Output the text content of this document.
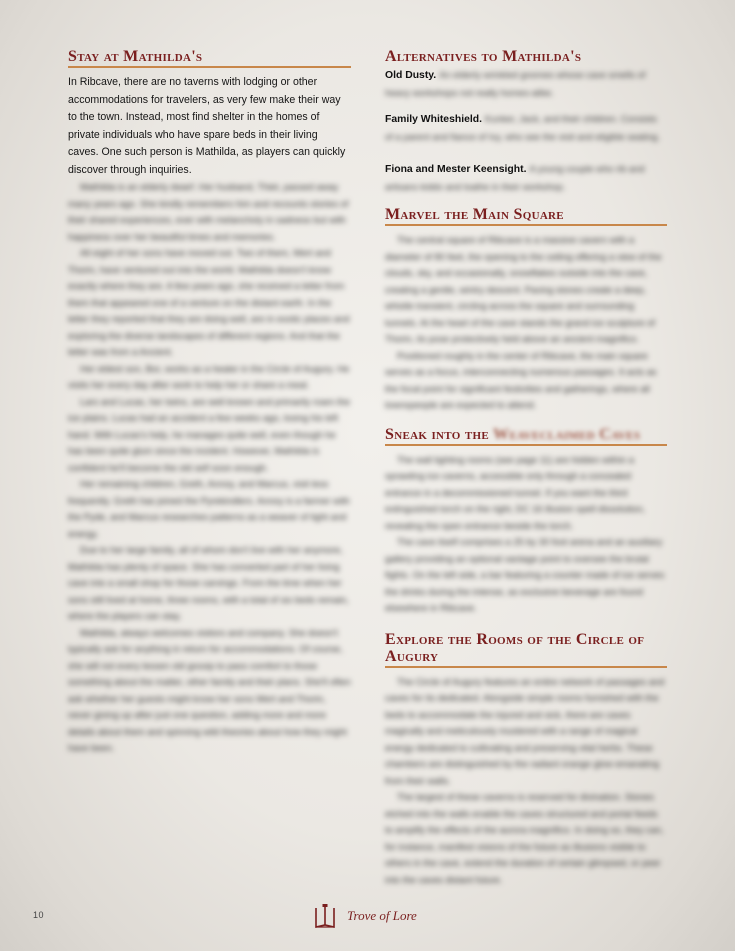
Stay at Mathilda's

In Ribcave, there are no taverns with lodging or other accommodations for travelers, as very few make their way to the town. Instead, most find shelter in the homes of private individuals who have spare beds in their living caves. One such person is Mathilda, as players can quickly discover through inquiries.

Mathilda is an elderly dwarf. Her husband, Thiet, passed away many years ago. She kindly remembers him and recounts stories of their shared experiences, ever with melancholy in sadness but with happiness over her beautiful times and memories.

All eight of her sons have moved out. Two of them, Wert and Thorin, have ventured out into the world. Mathilda doesn't know exactly where they are. A few years ago, she received a letter from them that appeared one of a venture on the distant earth. In the letter they reported that they are doing well, are in exotic places and exploring the diverse landscapes of different regions. And that the letter was from a Ancient.

Her eldest son, Bor, works as a healer in the Circle of Augury. He visits her every day after work to help her or share a meal.

Lars and Lucas, her twins, are well known and primarily roam the ice plains. Lucas had an accident a few weeks ago, losing his left hand. With Lucas's help, he manages quite well, even though he has been quite glum since the incident. However, Mathilda is confident he'll become the old self soon enough.

Her remaining children, Greth, Annoy, and Marcus, visit less frequently. Greth has joined the Pyrekindlers. Annoy is a farmer with the Pyde, and Marcus researches patterns as a weaver of light and energy.

Due to her large family, all of whom don't live with her anymore, Mathilda has plenty of space. She has converted part of her living cave into a small shop for those carvings. From the time when her sons still lived at home, three rooms, with a total of six beds remain, where the players can stay.

Mathilda, always welcomes visitors and company. She doesn't typically ask for anything in return for accommodations. Of course, she will not every lessen old gossip to pass comfort to those something about the matter, other family and their plans. She'll often ask whether her guests might know her sons Wert and Thorin, never giving up after just one question, adding more and more details about them and spinning wild theories about how they might have been.

Alternatives to Mathilda's

Old Dusty. An elderly wrinkled gnomes whose cave smells of heavy workshops not really homes-alike.

Family Whiteshield. Kunker, Jack, and their children. Consists of a parent and fiance of Ivy, who see the visit and eligible seating.

Fiona and Mester Keensight. A young couple who rib and artisans kiddo and loathe in their workshop.

Marvel the Main Square

The central square of Ribcave is a massive cavern with a diameter of 80 feet, the opening to the ceiling offering a view of the clouds, sky, and occasionally, snowflakes outside into the cave, creating a gentle, wintry descent. Paving stones create a deep, whistle transient, circling across the square and surrounding tunnels. At the heart of the cave stands the grand ice sculpture of Thorin, its pose protectively held above an ancient magnifico.

Positioned roughly in the center of Ribcave, the main square serves as a focus, interconnecting numerous passages. It acts as the focal point for significant festivities and gatherings, where all townspeople are expected to attend.

Sneak into the Weaveclaimed Caves

The wall lighting rooms (see page 11) are hidden within a sprawling ice caverns, accessible only through a concealed entrance in a decommissioned tunnel. If you want the third extinguished torch on the right, DC 16 illusion spell dissolution, revealing the open entrance beside the torch.

The cave itself comprises a 25 by 30 foot arena and an auxiliary gallery providing an optional vantage point to oversee the brutal fights. On the left side, a bar featuring a counter made of ice serves the drinks during the intense, as exclusive beverage are found elsewhere in Ribcave.

Explore the Rooms of the Circle of Augury

The Circle of Augury features an entire network of passages and caves for its dedicated. Alongside simple rooms furnished with the beds to accommodate the injured and sick, there are caves magically and meticulously mustered with a range of magical energy dedicated to cultivating and preserving vital herbs. These chambers are distinguished by the radiant orange glow emanating from their walls.

The largest of these caverns is reserved for divination. Stones etched into the walls enable the caves structured and portal feeds to amplify the effects of the aurora magnifico. In doing so, they can, for instance, manifest visions of the future as illusions visible to others in the cave, extend the duration of certain glimpsed, or peer into the caves distant future.

10	Trove of Lore
